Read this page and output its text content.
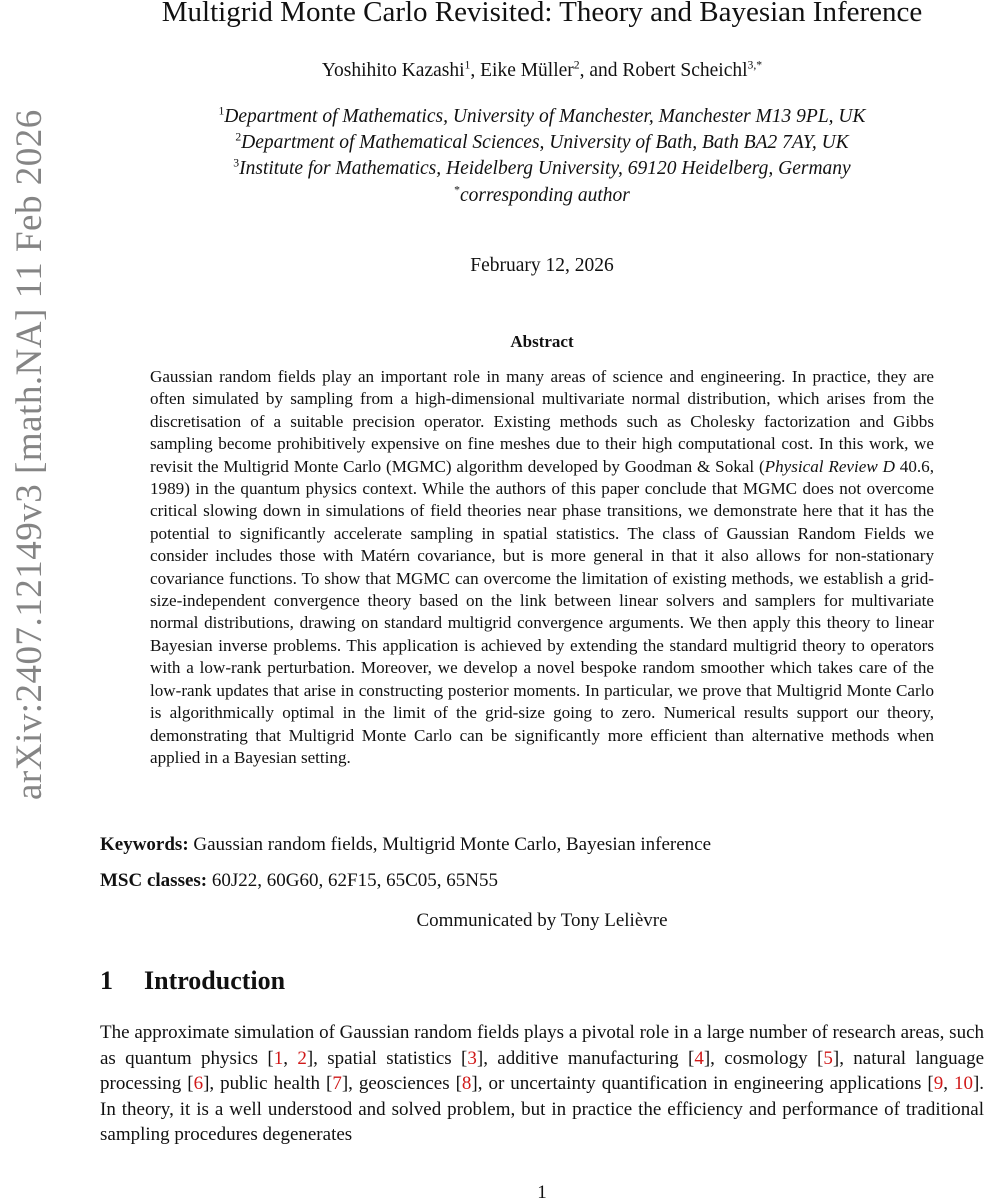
arXiv:2407.12149v3 [math.NA] 11 Feb 2026
Multigrid Monte Carlo Revisited: Theory and Bayesian Inference
Yoshihito Kazashi$^1$, Eike Müller$^2$, and Robert Scheichl$^{3,*}$
$^1$Department of Mathematics, University of Manchester, Manchester M13 9PL, UK
$^2$Department of Mathematical Sciences, University of Bath, Bath BA2 7AY, UK
$^3$Institute for Mathematics, Heidelberg University, 69120 Heidelberg, Germany
*corresponding author
February 12, 2026
Abstract
Gaussian random fields play an important role in many areas of science and engineering. In practice, they are often simulated by sampling from a high-dimensional multivariate normal distribution, which arises from the discretisation of a suitable precision operator. Existing methods such as Cholesky factorization and Gibbs sampling become prohibitively expensive on fine meshes due to their high computational cost. In this work, we revisit the Multigrid Monte Carlo (MGMC) algorithm developed by Goodman & Sokal (Physical Review D 40.6, 1989) in the quantum physics context. While the authors of this paper conclude that MGMC does not overcome critical slowing down in simulations of field theories near phase transitions, we demonstrate here that it has the potential to significantly accelerate sampling in spatial statistics. The class of Gaussian Random Fields we consider includes those with Matérn covariance, but is more general in that it also allows for non-stationary covariance functions. To show that MGMC can overcome the limitation of existing methods, we establish a grid-size-independent convergence theory based on the link between linear solvers and samplers for multivariate normal distributions, drawing on standard multigrid convergence arguments. We then apply this theory to linear Bayesian inverse problems. This application is achieved by extending the standard multigrid theory to operators with a low-rank perturbation. Moreover, we develop a novel bespoke random smoother which takes care of the low-rank updates that arise in constructing posterior moments. In particular, we prove that Multigrid Monte Carlo is algorithmically optimal in the limit of the grid-size going to zero. Numerical results support our theory, demonstrating that Multigrid Monte Carlo can be significantly more efficient than alternative methods when applied in a Bayesian setting.
Keywords: Gaussian random fields, Multigrid Monte Carlo, Bayesian inference
MSC classes: 60J22, 60G60, 62F15, 65C05, 65N55
Communicated by Tony Lelièvre
1 Introduction
The approximate simulation of Gaussian random fields plays a pivotal role in a large number of research areas, such as quantum physics [1, 2], spatial statistics [3], additive manufacturing [4], cosmology [5], natural language processing [6], public health [7], geosciences [8], or uncertainty quantification in engineering applications [9, 10]. In theory, it is a well understood and solved problem, but in practice the efficiency and performance of traditional sampling procedures degenerates
1
